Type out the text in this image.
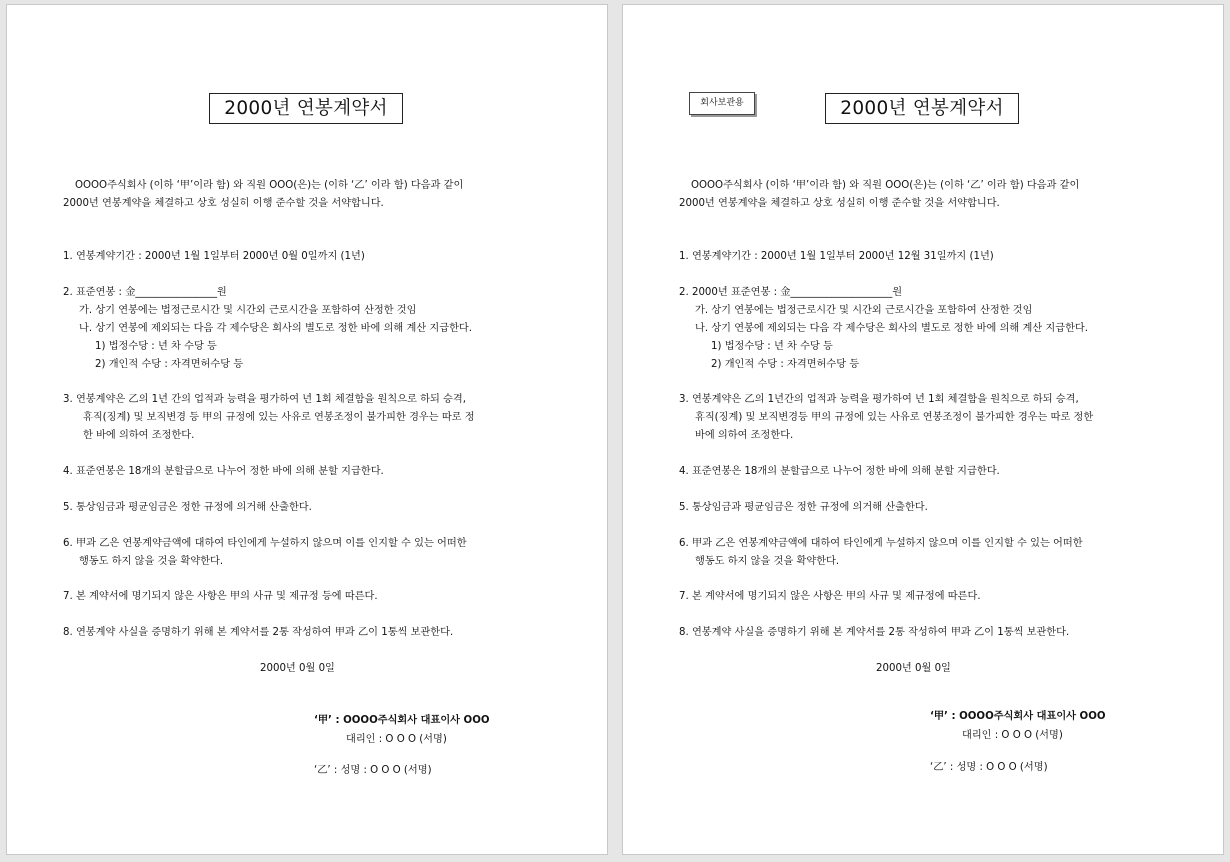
2000년 연봉계약서
OOOO주식회사 (이하 ‘甲’이라 함) 와 직원 OOO(은)는 (이하 ‘乙’ 이라 함) 다음과 같이
2000년 연봉계약을 체결하고 상호 성실히 이행 준수할 것을 서약합니다.
1. 연봉계약기간 : 2000년 1월 1일부터 2000년 0월 0일까지 (1년)
2. 표준연봉 : 金________________원
가. 상기 연봉에는 법정근로시간 및 시간외 근로시간을 포함하여 산정한 것임
나. 상기 연봉에 제외되는 다음 각 제수당은 회사의 별도로 정한 바에 의해 계산 지급한다.
1) 법정수당 : 년 차 수당 등
2) 개인적 수당 : 자격면허수당 등
3. 연봉계약은 乙의 1년 간의 업적과 능력을 평가하여 년 1회 체결함을 원칙으로 하되 승격,
휴직(징계) 및 보직변경 등 甲의 규정에 있는 사유로 연봉조정이 불가피한 경우는 따로 정
한 바에 의하여 조정한다.
4. 표준연봉은 18개의 분할급으로 나누어 정한 바에 의해 분할 지급한다.
5. 통상임금과 평균임금은 정한 규정에 의거해 산출한다.
6. 甲과 乙은 연봉계약금액에 대하여 타인에게 누설하지 않으며 이를 인지할 수 있는 어떠한
행동도 하지 않을 것을 확약한다.
7. 본 계약서에 명기되지 않은 사항은 甲의 사규 및 제규정 등에 따른다.
8. 연봉계약 사실을 증명하기 위해 본 계약서를 2통 작성하여 甲과 乙이 1통씩 보관한다.
2000년 0월 0일
‘甲’ : OOOO주식회사 대표이사 OOO
대리인 : O O O (서명)
‘乙’ : 성명 : O O O (서명)
회사보관용	2000년 연봉계약서
OOOO주식회사 (이하 ‘甲’이라 함) 와 직원 OOO(은)는 (이하 ‘乙’ 이라 함) 다음과 같이
2000년 연봉계약을 체결하고 상호 성실히 이행 준수할 것을 서약합니다.
1. 연봉계약기간 : 2000년 1월 1일부터 2000년 12월 31일까지 (1년)
2. 2000년 표준연봉 : 金____________________원
가. 상기 연봉에는 법정근로시간 및 시간외 근로시간을 포함하여 산정한 것임
나. 상기 연봉에 제외되는 다음 각 제수당은 회사의 별도로 정한 바에 의해 계산 지급한다.
1) 법정수당 : 년 차 수당 등
2) 개인적 수당 : 자격면허수당 등
3. 연봉계약은 乙의 1년간의 업적과 능력을 평가하여 년 1회 체결함을 원칙으로 하되 승격,
휴직(징계) 및 보직변경등 甲의 규정에 있는 사유로 연봉조정이 불가피한 경우는 따로 정한
바에 의하여 조정한다.
4. 표준연봉은 18개의 분할급으로 나누어 정한 바에 의해 분할 지급한다.
5. 통상임금과 평균임금은 정한 규정에 의거해 산출한다.
6. 甲과 乙은 연봉계약금액에 대하여 타인에게 누설하지 않으며 이를 인지할 수 있는 어떠한
행동도 하지 않을 것을 확약한다.
7. 본 계약서에 명기되지 않은 사항은 甲의 사규 및 제규정에 따른다.
8. 연봉계약 사실을 증명하기 위해 본 계약서를 2통 작성하여 甲과 乙이 1통씩 보관한다.
2000년 0월 0일
‘甲’ : OOOO주식회사 대표이사 OOO
대리인 : O O O (서명)
‘乙’ : 성명 : O O O (서명)
